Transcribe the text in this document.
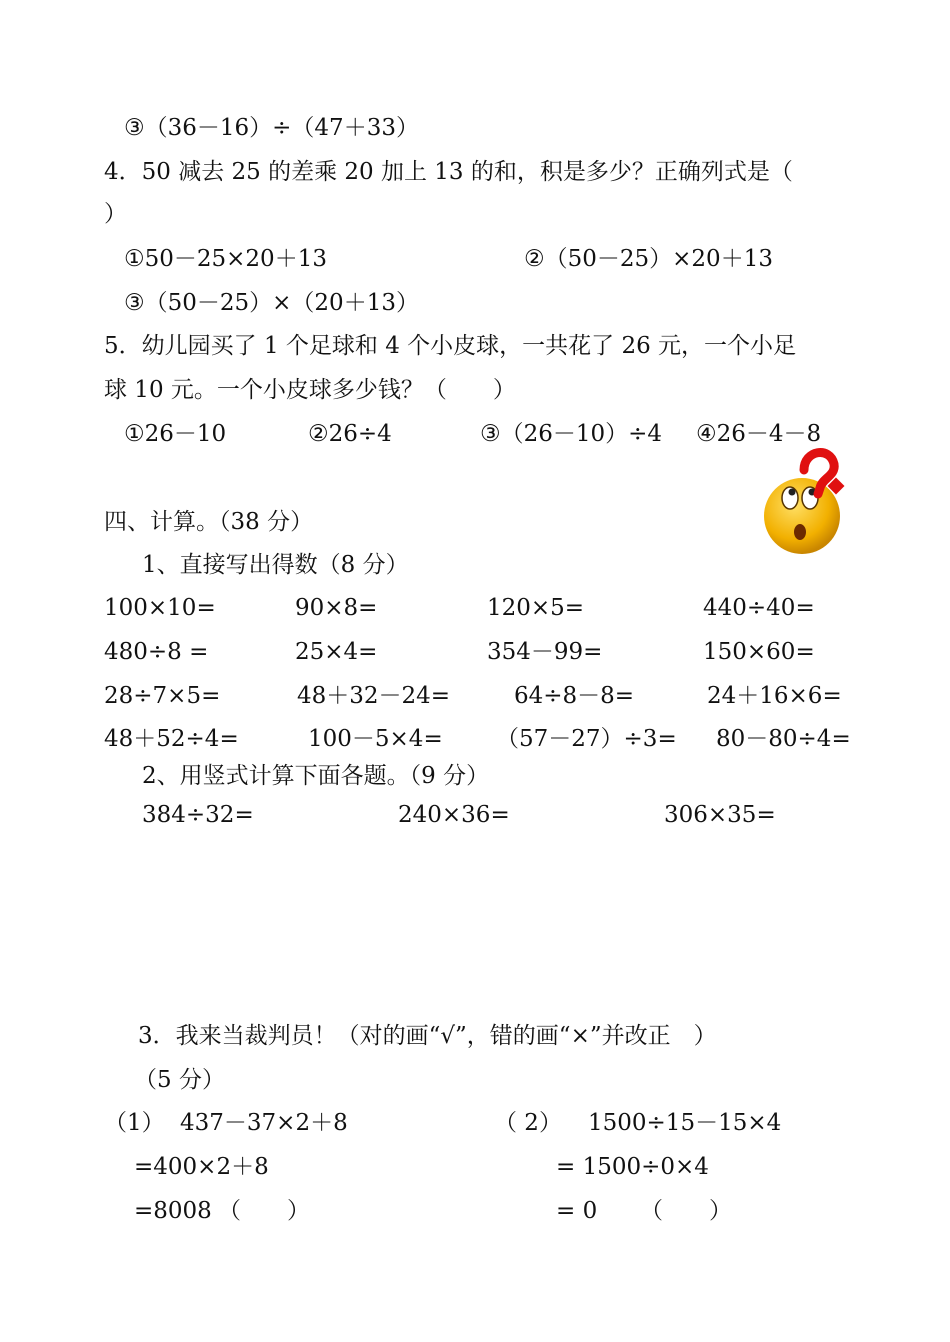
③（36－16）÷（47＋33）
4．50 减去 25 的差乘 20 加上 13 的和，积是多少？正确列式是（
）
①50－25×20＋13	②（50－25）×20＋13
③（50－25）×（20＋13）
5．幼儿园买了 1 个足球和 4 个小皮球，一共花了 26 元，一个小足
球 10 元。一个小皮球多少钱？（　　）
①26－10	②26÷4	③（26－10）÷4 ④26－4－8
四、计算。（38 分）
1、直接写出得数（8 分）
100×10=	90×8=	120×5=	440÷40=
480÷8 =	25×4=	354－99=	150×60=
28÷7×5=	48＋32－24=	64÷8－8=	24＋16×6=
48＋52÷4=	100－5×4= （57－27）÷3= 80－80÷4=
2、用竖式计算下面各题。（9 分）
384÷32=	240×36=	306×35=
3．我来当裁判员！（对的画“√”，错的画“×”并改正　）
（5 分）
（1） 437－37×2＋8
=400×2＋8
=8008 （　　）
（ 2） 1500÷15－15×4
= 1500÷0×4
= 0 （　　）
